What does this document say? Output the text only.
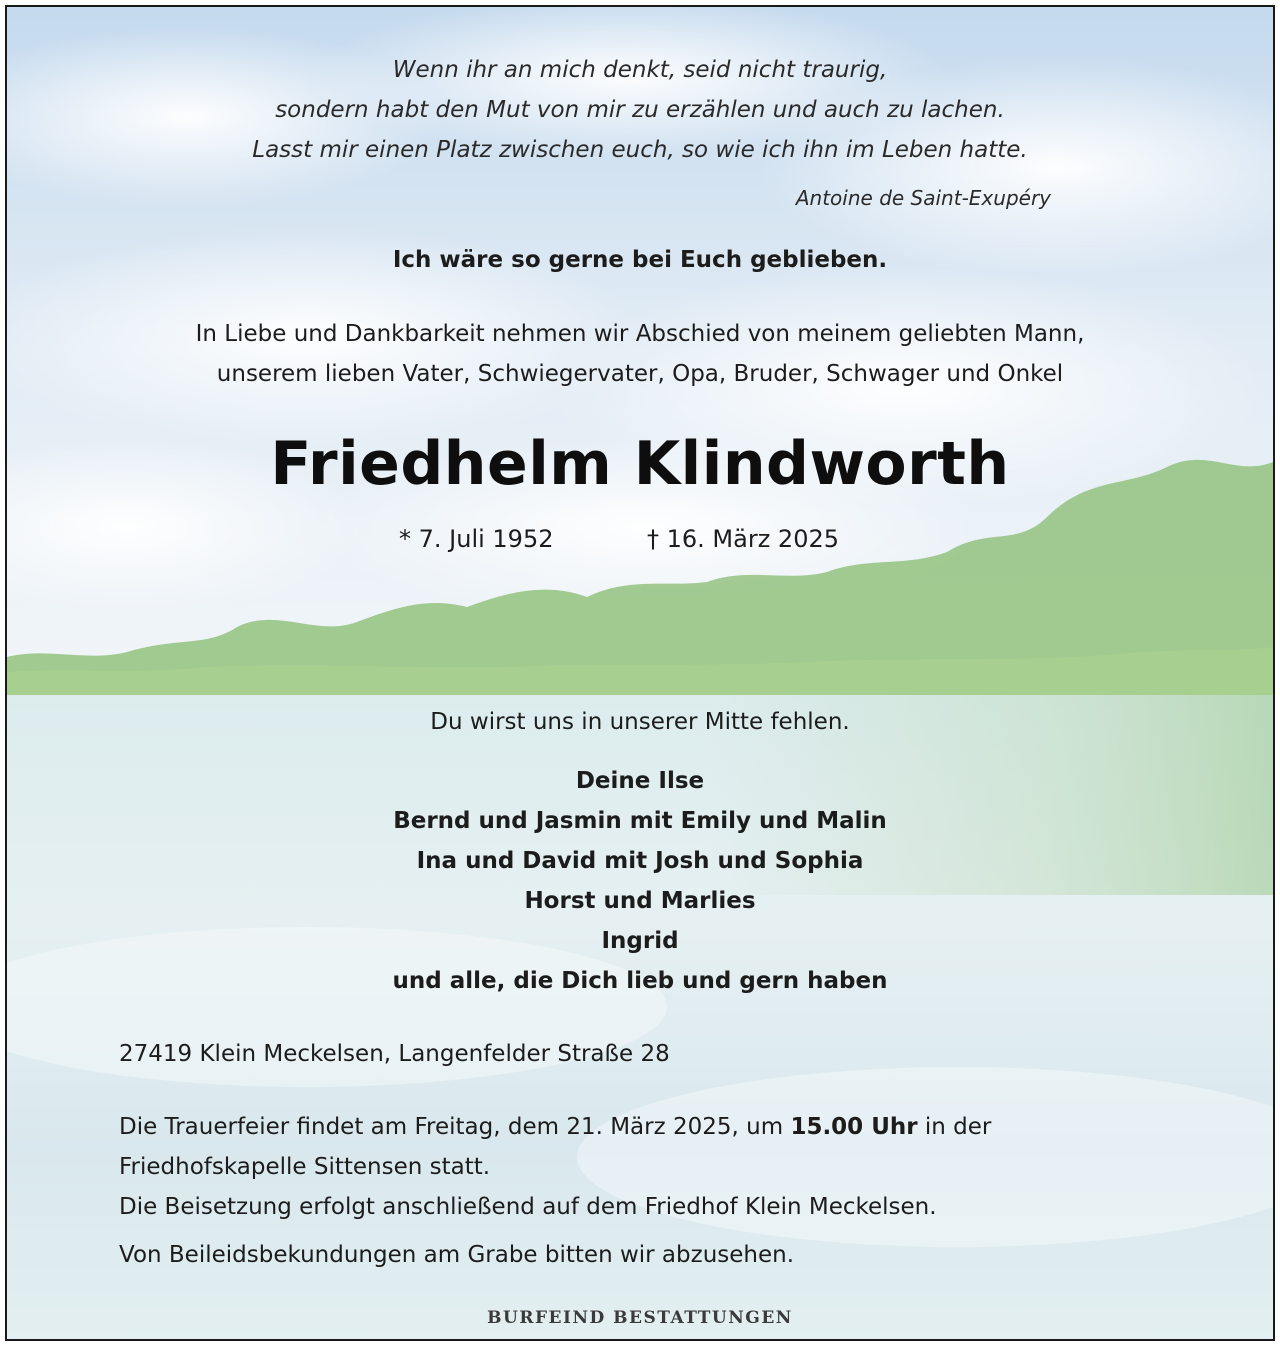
Wenn ihr an mich denkt, seid nicht traurig,
sondern habt den Mut von mir zu erzählen und auch zu lachen.
Lasst mir einen Platz zwischen euch, so wie ich ihn im Leben hatte.
Antoine de Saint-Exupéry
Ich wäre so gerne bei Euch geblieben.
In Liebe und Dankbarkeit nehmen wir Abschied von meinem geliebten Mann,
unserem lieben Vater, Schwiegervater, Opa, Bruder, Schwager und Onkel
Friedhelm Klindworth
* 7. Juli 1952	† 16. März 2025
Du wirst uns in unserer Mitte fehlen.
Deine Ilse
Bernd und Jasmin mit Emily und Malin
Ina und David mit Josh und Sophia
Horst und Marlies
Ingrid
und alle, die Dich lieb und gern haben
27419 Klein Meckelsen, Langenfelder Straße 28
Die Trauerfeier findet am Freitag, dem 21. März 2025, um 15.00 Uhr in der
Friedhofskapelle Sittensen statt.
Die Beisetzung erfolgt anschließend auf dem Friedhof Klein Meckelsen.
Von Beileidsbekundungen am Grabe bitten wir abzusehen.
BURFEIND BESTATTUNGEN
